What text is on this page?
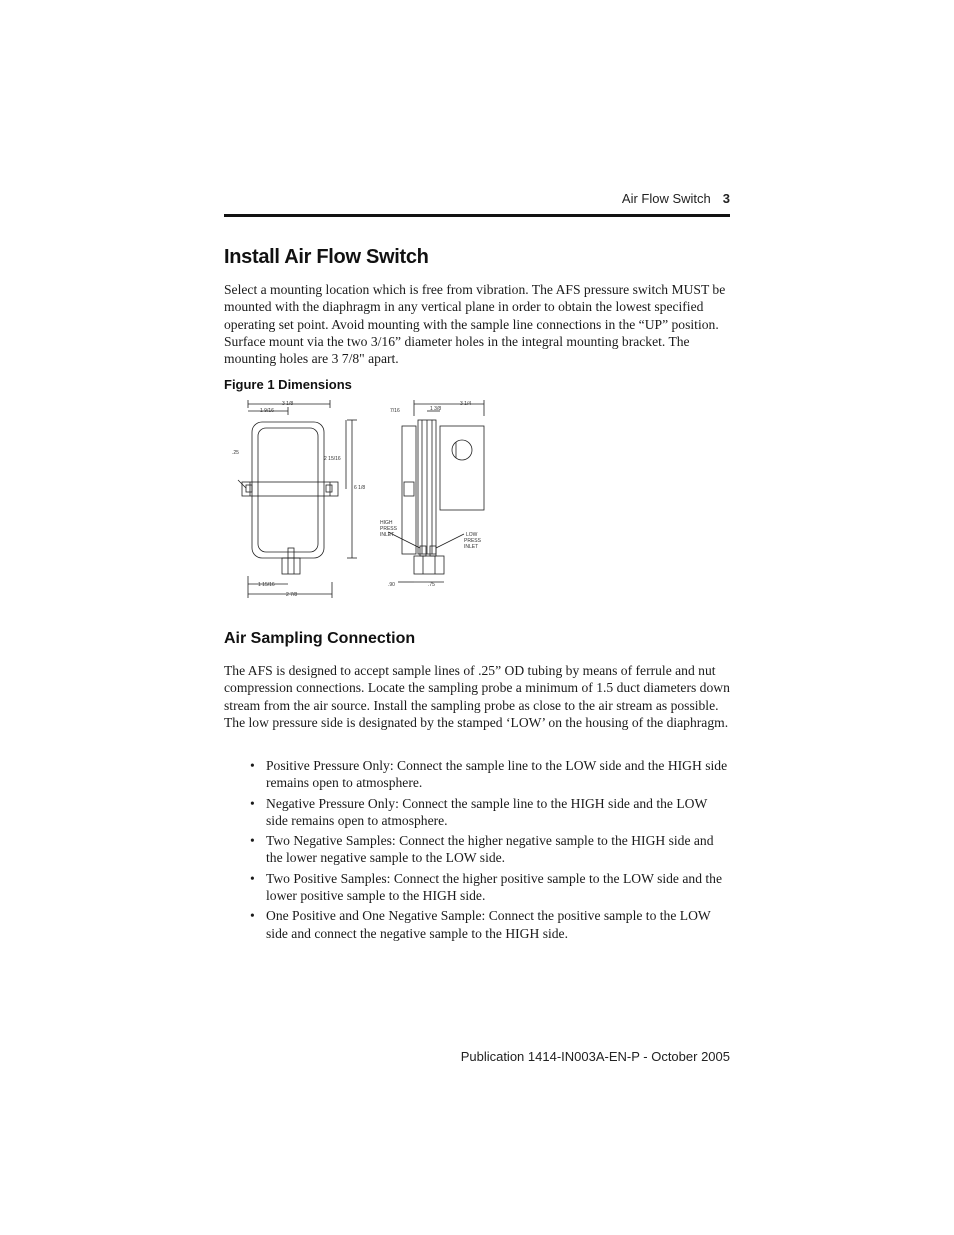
Air Flow Switch 3
Install Air Flow Switch

Select a mounting location which is free from vibration. The AFS pressure switch MUST be mounted with the diaphragm in any vertical plane in order to obtain the lowest specified operating set point. Avoid mounting with the sample line connections in the “UP” position. Surface mount via the two 3/16” diameter holes in the integral mounting bracket. The mounting holes are 3 7/8" apart.

Figure 1 Dimensions

3 1/8
1 9/16
2 15/16
6 1/8
1 15/16
2 7/8
.25
7/16	1 3/8
3 1/4
.90	.75
HIGH
PRESS
INLET	LOW
PRESS
INLET
Air Sampling Connection

The AFS is designed to accept sample lines of .25” OD tubing by means of ferrule and nut compression connections. Locate the sampling probe a minimum of 1.5 duct diameters down stream from the air source. Install the sampling probe as close to the air stream as possible. The low pressure side is designated by the stamped ‘LOW’ on the housing of the diaphragm.

• Positive Pressure Only: Connect the sample line to the LOW side and the HIGH side remains open to atmosphere.
• Negative Pressure Only: Connect the sample line to the HIGH side and the LOW side remains open to atmosphere.
• Two Negative Samples: Connect the higher negative sample to the HIGH side and the lower negative sample to the LOW side.
• Two Positive Samples: Connect the higher positive sample to the LOW side and the lower positive sample to the HIGH side.
• One Positive and One Negative Sample: Connect the positive sample to the LOW side and connect the negative sample to the HIGH side.
Publication 1414-IN003A-EN-P - October 2005
